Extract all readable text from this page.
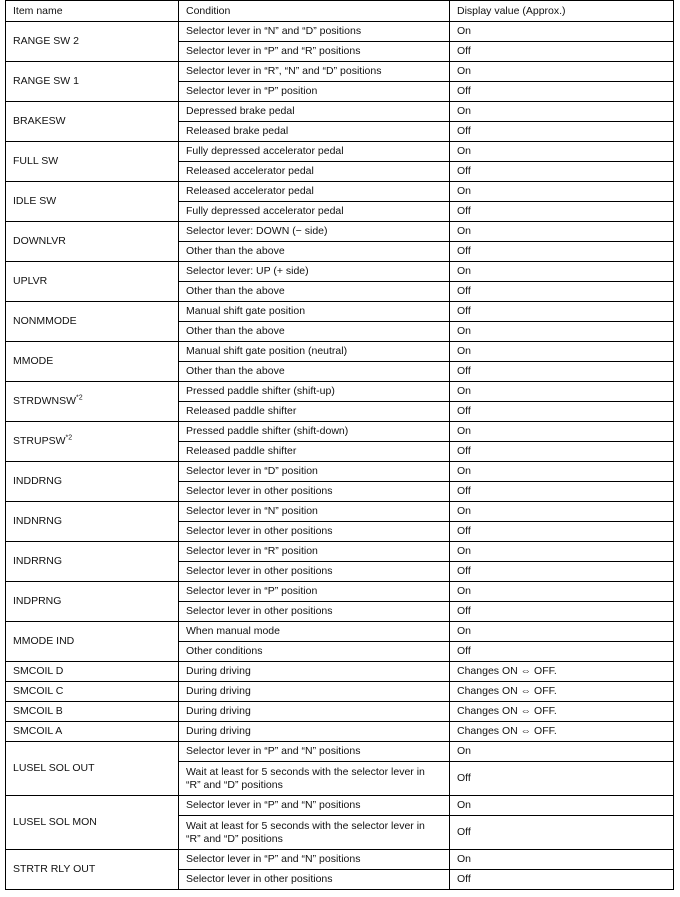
Item name	Condition	Display value (Approx.)
RANGE SW 2	Selector lever in “N” and “D” positions	On
	Selector lever in “P” and “R” positions	Off
RANGE SW 1	Selector lever in “R”, “N” and “D” positions	On
	Selector lever in “P” position	Off
BRAKESW	Depressed brake pedal	On
	Released brake pedal	Off
FULL SW	Fully depressed accelerator pedal	On
	Released accelerator pedal	Off
IDLE SW	Released accelerator pedal	On
	Fully depressed accelerator pedal	Off
DOWNLVR	Selector lever: DOWN (− side)	On
	Other than the above	Off
UPLVR	Selector lever: UP (+ side)	On
	Other than the above	Off
NONMMODE	Manual shift gate position	Off
	Other than the above	On
MMODE	Manual shift gate position (neutral)	On
	Other than the above	Off
STRDWNSW$^{*2}$	Pressed paddle shifter (shift-up)	On
	Released paddle shifter	Off
STRUPSW$^{*2}$	Pressed paddle shifter (shift-down)	On
	Released paddle shifter	Off
INDDRNG	Selector lever in “D” position	On
	Selector lever in other positions	Off
INDNRNG	Selector lever in “N” position	On
	Selector lever in other positions	Off
INDRRNG	Selector lever in “R” position	On
	Selector lever in other positions	Off
INDPRNG	Selector lever in “P” position	On
	Selector lever in other positions	Off
MMODE IND	When manual mode	On
	Other conditions	Off
SMCOIL D	During driving	Changes ON ⇔ OFF.
SMCOIL C	During driving	Changes ON ⇔ OFF.
SMCOIL B	During driving	Changes ON ⇔ OFF.
SMCOIL A	During driving	Changes ON ⇔ OFF.
LUSEL SOL OUT	Selector lever in “P” and “N” positions	On
	Wait at least for 5 seconds with the selector lever in “R” and “D” positions	Off
LUSEL SOL MON	Selector lever in “P” and “N” positions	On
	Wait at least for 5 seconds with the selector lever in “R” and “D” positions	Off
STRTR RLY OUT	Selector lever in “P” and “N” positions	On
	Selector lever in other positions	Off
